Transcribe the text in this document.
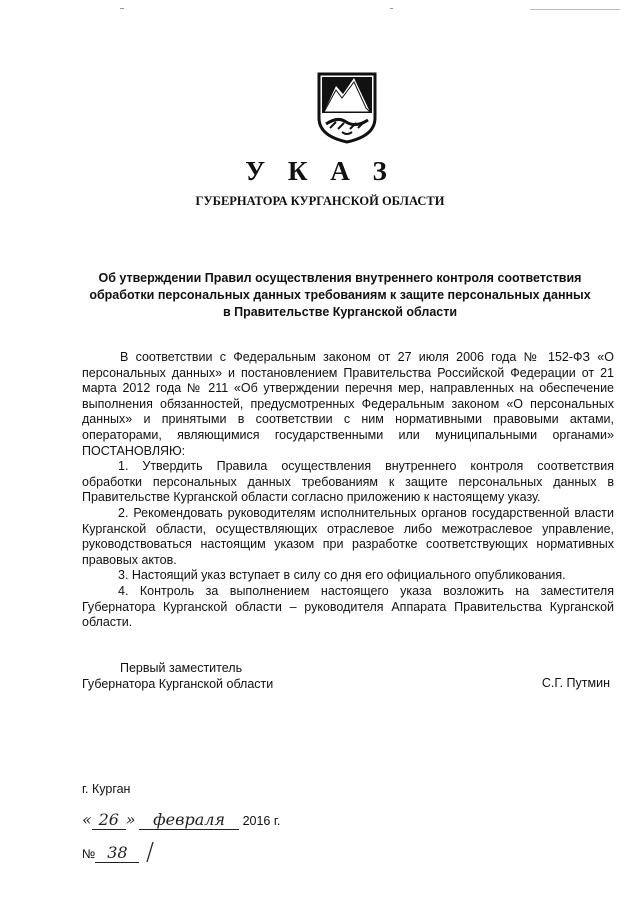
У К А З
ГУБЕРНАТОРА КУРГАНСКОЙ ОБЛАСТИ
Об утверждении Правил осуществления внутреннего контроля соответствия
обработки персональных данных требованиям к защите персональных данных
в Правительстве Курганской области

В соответствии с Федеральным законом от 27 июля 2006 года № 152-ФЗ «О персональных данных» и постановлением Правительства Российской Федерации от 21 марта 2012 года № 211 «Об утверждении перечня мер, направленных на обеспечение выполнения обязанностей, предусмотренных Федеральным законом «О персональных данных» и принятыми в соответствии с ним нормативными правовыми актами, операторами, являющимися государственными или муниципальными органами» ПОСТАНОВЛЯЮ:

1. Утвердить Правила осуществления внутреннего контроля соответствия обработки персональных данных требованиям к защите персональных данных в Правительстве Курганской области согласно приложению к настоящему указу.

2. Рекомендовать руководителям исполнительных органов государственной власти Курганской области, осуществляющих отраслевое либо межотраслевое управление, руководствоваться настоящим указом при разработке соответствующих нормативных правовых актов.

3. Настоящий указ вступает в силу со дня его официального опубликования.

4. Контроль за выполнением настоящего указа возложить на заместителя Губернатора Курганской области – руководителя Аппарата Правительства Курганской области.

Первый заместитель
Губернатора Курганской области	С.Г. Путмин
г. Курган
« 26 » февраля 2016 г.
№ 38
